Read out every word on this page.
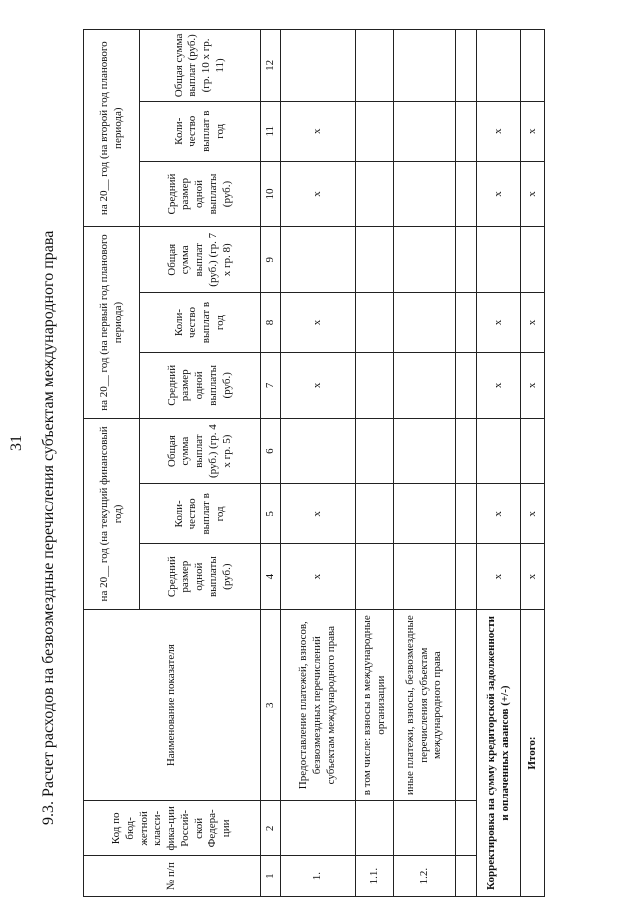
31 9.3. Расчет расходов на безвозмездные перечисления субъектам международного права
№ п/п	Код по бюд-жетной класси-фика-ции Россий-ской Федера-ции	Наименование показателя	на 20__ год (на текущий финансовый год)			на 20__ год (на первый год планового периода)			на 20__ год (на второй год планового периода)		
			Средний размер одной выплаты (руб.)	Коли-чество выплат в год	Общая сумма выплат (руб.) (гр. 4 х гр. 5)	Средний размер одной выплаты (руб.)	Коли-чество выплат в год	Общая сумма выплат (руб.) (гр. 7 х гр. 8)	Средний размер одной выплаты (руб.)	Коли-чество выплат в год	Общая сумма выплат (руб.) (гр. 10 х гр. 11)
1	2	3	4	5	6	7	8	9	10	11	12
1.		Предоставление платежей, взносов, безвозмездных перечислений субъектам международного права	x	x		x	x		x	x	
1.1.		в том числе: взносы в международные организации									
1.2.		иные платежи, взносы, безвозмездные перечисления субъектам международного права									

Корректировка на сумму кредиторской задолженности и оплаченных авансов (+/-)			x	x		x	x		x	x	
Итого:			x	x		x	x		x	x	
